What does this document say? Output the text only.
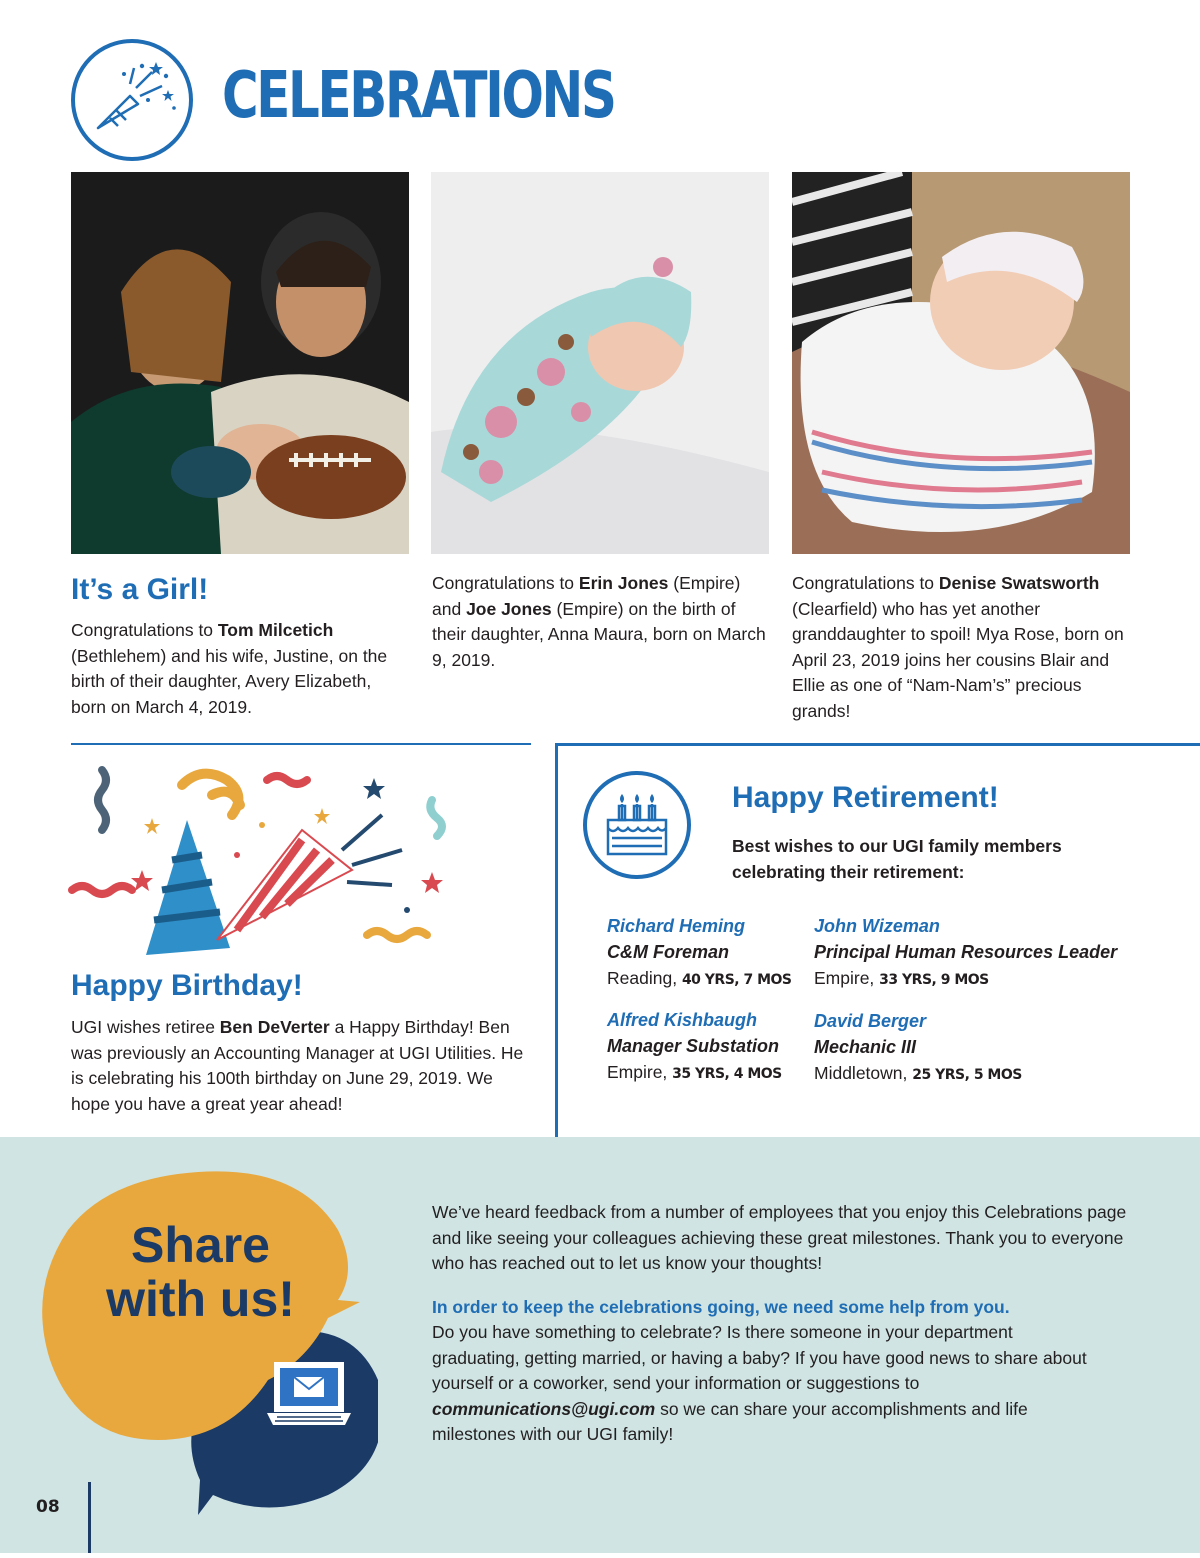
CELEBRATIONS
It’s a Girl!
Congratulations to Tom Milcetich (Bethlehem) and his wife, Justine, on the birth of their daughter, Avery Elizabeth, born on March 4, 2019.
Congratulations to Erin Jones (Empire) and Joe Jones (Empire) on the birth of their daughter, Anna Maura, born on March 9, 2019.
Congratulations to Denise Swatsworth (Clearfield) who has yet another granddaughter to spoil! Mya Rose, born on April 23, 2019 joins her cousins Blair and Ellie as one of “Nam-Nam’s” precious grands!
Happy Birthday!
UGI wishes retiree Ben DeVerter a Happy Birthday! Ben was previously an Accounting Manager at UGI Utilities. He is celebrating his 100th birthday on June 29, 2019. We hope you have a great year ahead!
Happy Retirement!
Best wishes to our UGI family members celebrating their retirement:
Richard Heming
C&M Foreman
Reading, 40 YRS, 7 MOS
John Wizeman
Principal Human Resources Leader
Empire, 33 YRS, 9 MOS
Alfred Kishbaugh
Manager Substation
Empire, 35 YRS, 4 MOS
David Berger
Mechanic III
Middletown, 25 YRS, 5 MOS
Share
with us!
We’ve heard feedback from a number of employees that you enjoy this Celebrations page and like seeing your colleagues achieving these great milestones. Thank you to everyone who has reached out to let us know your thoughts!
In order to keep the celebrations going, we need some help from you.
Do you have something to celebrate? Is there someone in your department graduating, getting married, or having a baby? If you have good news to share about yourself or a coworker, send your information or suggestions to communications@ugi.com so we can share your accomplishments and life milestones with our UGI family!
08
